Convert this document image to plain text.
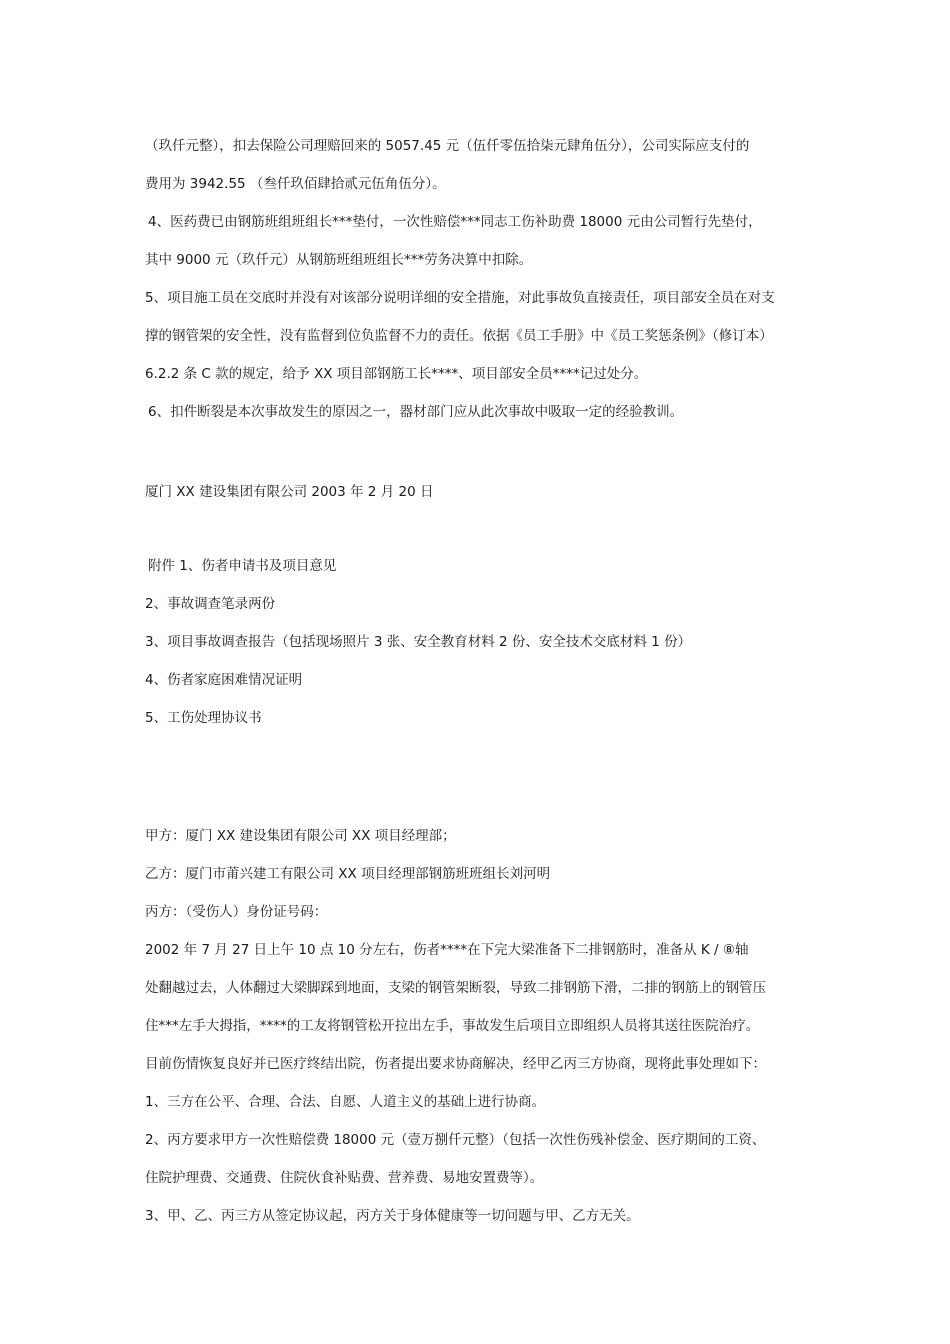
（玖仟元整），扣去保险公司理赔回来的 5057.45 元（伍仟零伍拾柒元肆角伍分），公司实际应支付的
费用为 3942.55 （叁仟玖佰肆拾贰元伍角伍分）。
4、医药费已由钢筋班组班组长***垫付，一次性赔偿***同志工伤补助费 18000 元由公司暂行先垫付，
其中 9000 元（玖仟元）从钢筋班组班组长***劳务决算中扣除。
5、项目施工员在交底时并没有对该部分说明详细的安全措施，对此事故负直接责任，项目部安全员在对支
撑的钢管架的安全性，没有监督到位负监督不力的责任。依据《员工手册》中《员工奖惩条例》（修订本）
6.2.2 条 C 款的规定，给予 XX 项目部钢筋工长****、项目部安全员****记过处分。
6、扣件断裂是本次事故发生的原因之一，器材部门应从此次事故中吸取一定的经验教训。
厦门 XX 建设集团有限公司 2003 年 2 月 20 日
附件 1、伤者申请书及项目意见
2、事故调查笔录两份
3、项目事故调查报告（包括现场照片 3 张、安全教育材料 2 份、安全技术交底材料 1 份）
4、伤者家庭困难情况证明
5、工伤处理协议书
甲方：厦门 XX 建设集团有限公司 XX 项目经理部；
乙方：厦门市莆兴建工有限公司 XX 项目经理部钢筋班班组长刘河明
丙方：（受伤人）身份证号码：
2002 年 7 月 27 日上午 10 点 10 分左右，伤者****在下完大梁准备下二排钢筋时，准备从 K / ⑧轴
处翻越过去，人体翻过大梁脚踩到地面，支梁的钢管架断裂，导致二排钢筋下滑，二排的钢筋上的钢管压
住***左手大拇指，****的工友将钢管松开拉出左手，事故发生后项目立即组织人员将其送往医院治疗。
目前伤情恢复良好并已医疗终结出院，伤者提出要求协商解决，经甲乙丙三方协商，现将此事处理如下：
1、三方在公平、合理、合法、自愿、人道主义的基础上进行协商。
2、丙方要求甲方一次性赔偿费 18000 元（壹万捌仟元整）（包括一次性伤残补偿金、医疗期间的工资、
住院护理费、交通费、住院伙食补贴费、营养费、易地安置费等）。
3、甲、乙、丙三方从签定协议起，丙方关于身体健康等一切问题与甲、乙方无关。
